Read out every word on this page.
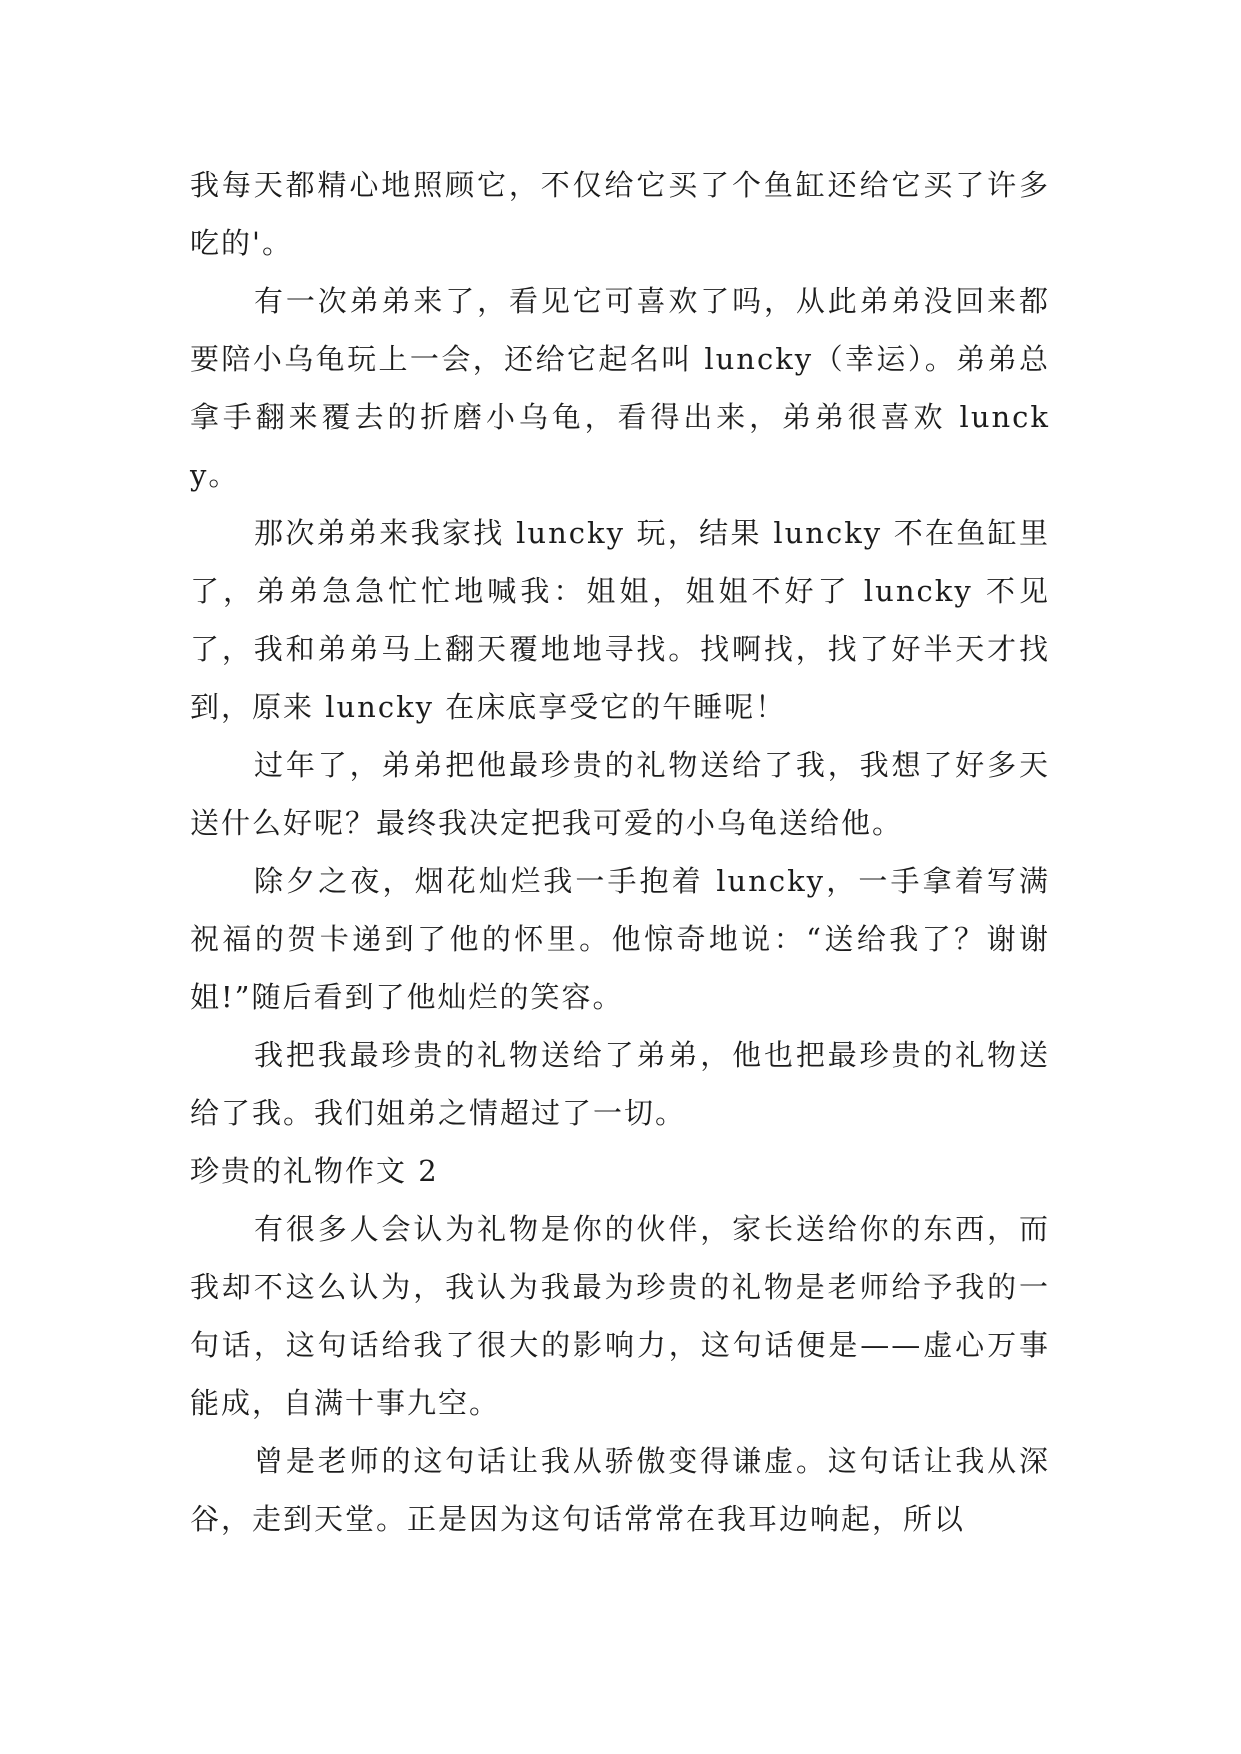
我每天都精心地照顾它，不仅给它买了个鱼缸还给它买了许多吃的'。

有一次弟弟来了，看见它可喜欢了吗，从此弟弟没回来都要陪小乌龟玩上一会，还给它起名叫 luncky（幸运）。弟弟总拿手翻来覆去的折磨小乌龟，看得出来，弟弟很喜欢 luncky。

那次弟弟来我家找 luncky 玩，结果 luncky 不在鱼缸里了，弟弟急急忙忙地喊我：姐姐，姐姐不好了 luncky 不见了，我和弟弟马上翻天覆地地寻找。找啊找，找了好半天才找到，原来 luncky 在床底享受它的午睡呢！

过年了，弟弟把他最珍贵的礼物送给了我，我想了好多天送什么好呢？最终我决定把我可爱的小乌龟送给他。

除夕之夜，烟花灿烂我一手抱着 luncky，一手拿着写满祝福的贺卡递到了他的怀里。他惊奇地说：“送给我了？谢谢姐!”随后看到了他灿烂的笑容。

我把我最珍贵的礼物送给了弟弟，他也把最珍贵的礼物送给了我。我们姐弟之情超过了一切。

珍贵的礼物作文 2

有很多人会认为礼物是你的伙伴，家长送给你的东西，而我却不这么认为，我认为我最为珍贵的礼物是老师给予我的一句话，这句话给我了很大的影响力，这句话便是——虚心万事能成，自满十事九空。

曾是老师的这句话让我从骄傲变得谦虚。这句话让我从深谷，走到天堂。正是因为这句话常常在我耳边响起，所以
